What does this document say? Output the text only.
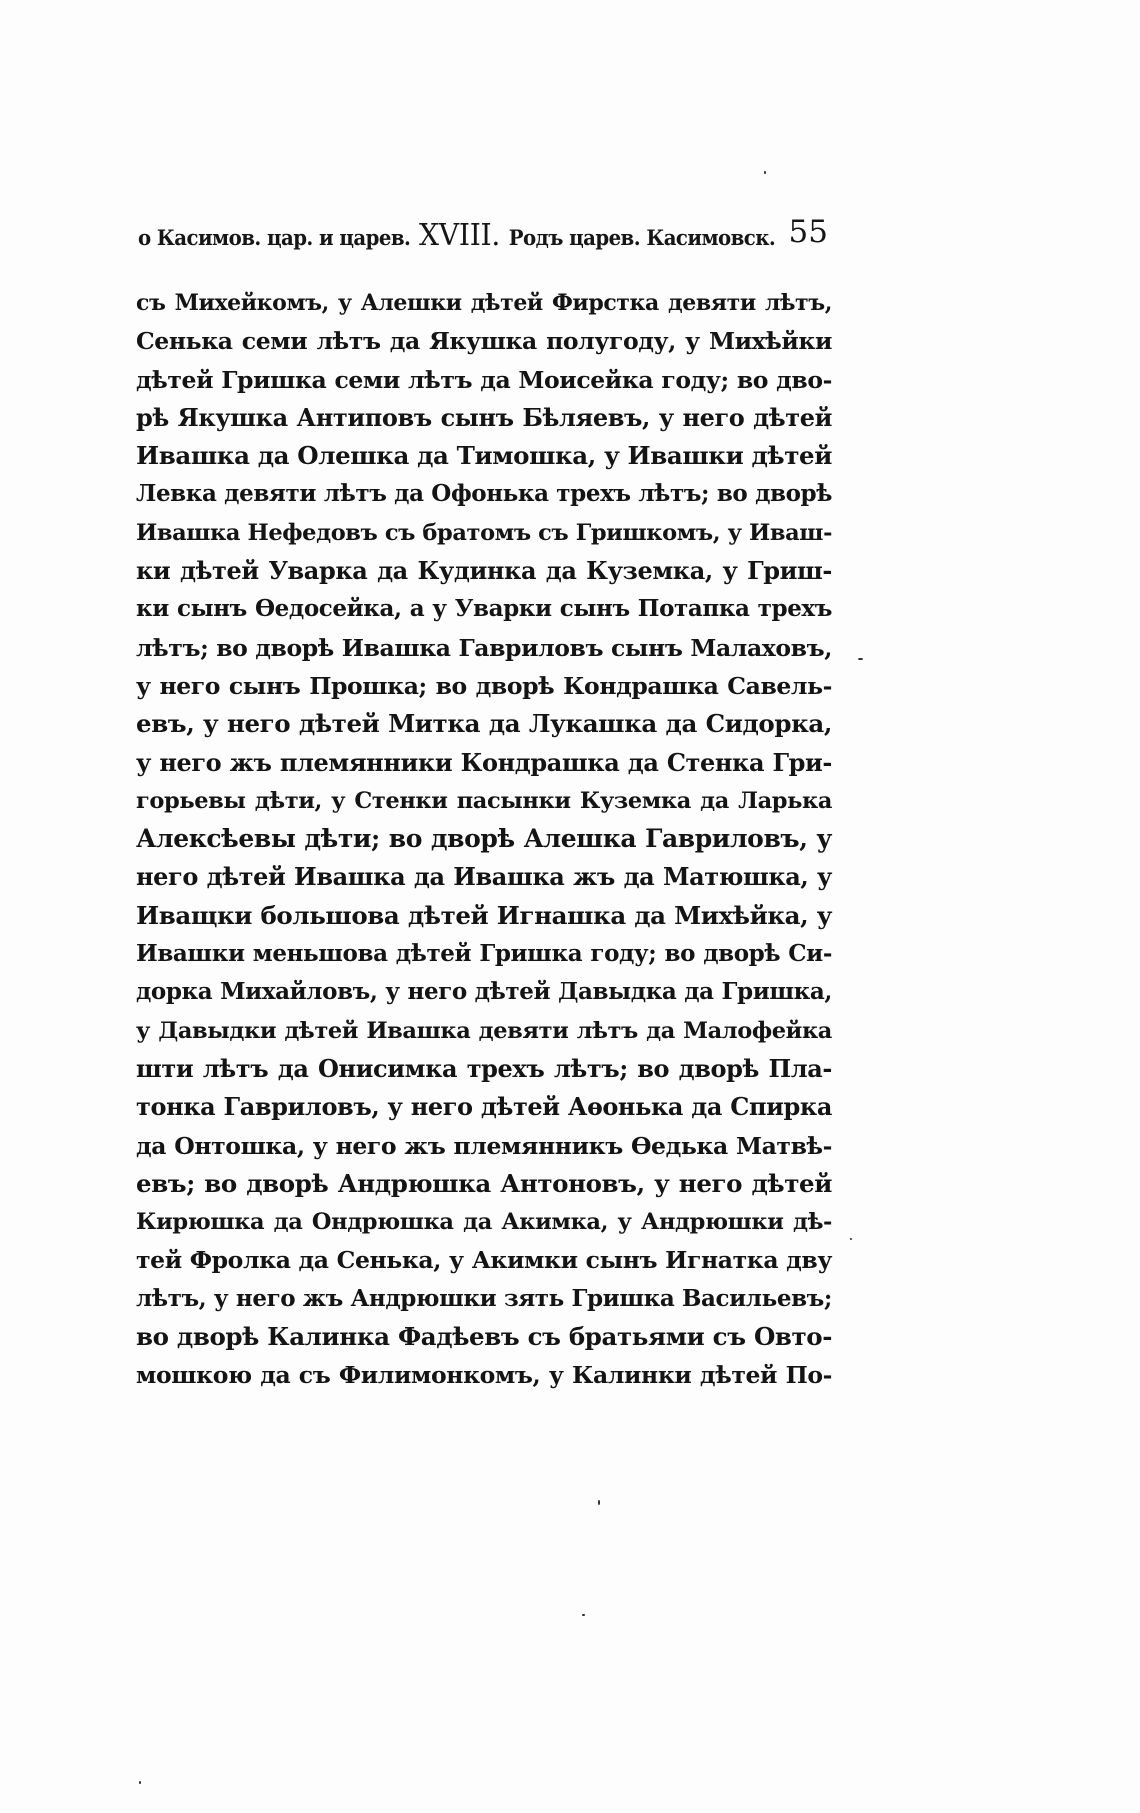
о Касимов. цар. и царев. XVIII. Родъ царев. Касимовск. 55
съ Михейкомъ, у Алешки дѣтей Фирстка девяти лѣтъ,
Сенька семи лѣтъ да Якушка полугоду, у Михѣйки
дѣтей Гришка семи лѣтъ да Моисейка году; во дво-
рѣ Якушка Антиповъ сынъ Бѣляевъ, у него дѣтей
Ивашка да Олешка да Тимошка, у Ивашки дѣтей
Левка девяти лѣтъ да Офонька трехъ лѣтъ; во дворѣ
Ивашка Нефедовъ съ братомъ съ Гришкомъ, у Иваш-
ки дѣтей Уварка да Кудинка да Куземка, у Гриш-
ки сынъ Ѳедосейка, а у Уварки сынъ Потапка трехъ
лѣтъ; во дворѣ Ивашка Гавриловъ сынъ Малаховъ,
у него сынъ Прошка; во дворѣ Кондрашка Савель-
евъ, у него дѣтей Митка да Лукашка да Сидорка,
у него жъ племянники Кондрашка да Стенка Гри-
горьевы дѣти, у Стенки пасынки Куземка да Ларька
Алексѣевы дѣти; во дворѣ Алешка Гавриловъ, у
него дѣтей Ивашка да Ивашка жъ да Матюшка, у
Иващки большова дѣтей Игнашка да Михѣйка, у
Ивашки меньшова дѣтей Гришка году; во дворѣ Си-
дорка Михайловъ, у него дѣтей Давыдка да Гришка,
у Давыдки дѣтей Ивашка девяти лѣтъ да Малофейка
шти лѣтъ да Онисимка трехъ лѣтъ; во дворѣ Пла-
тонка Гавриловъ, у него дѣтей Аѳонька да Спирка
да Онтошка, у него жъ племянникъ Ѳедька Матвѣ-
евъ; во дворѣ Андрюшка Антоновъ, у него дѣтей
Кирюшка да Ондрюшка да Акимка, у Андрюшки дѣ-
тей Фролка да Сенька, у Акимки сынъ Игнатка дву
лѣтъ, у него жъ Андрюшки зять Гришка Васильевъ;
во дворѣ Калинка Фадѣевъ съ братьями съ Овто-
мошкою да съ Филимонкомъ, у Калинки дѣтей По-
